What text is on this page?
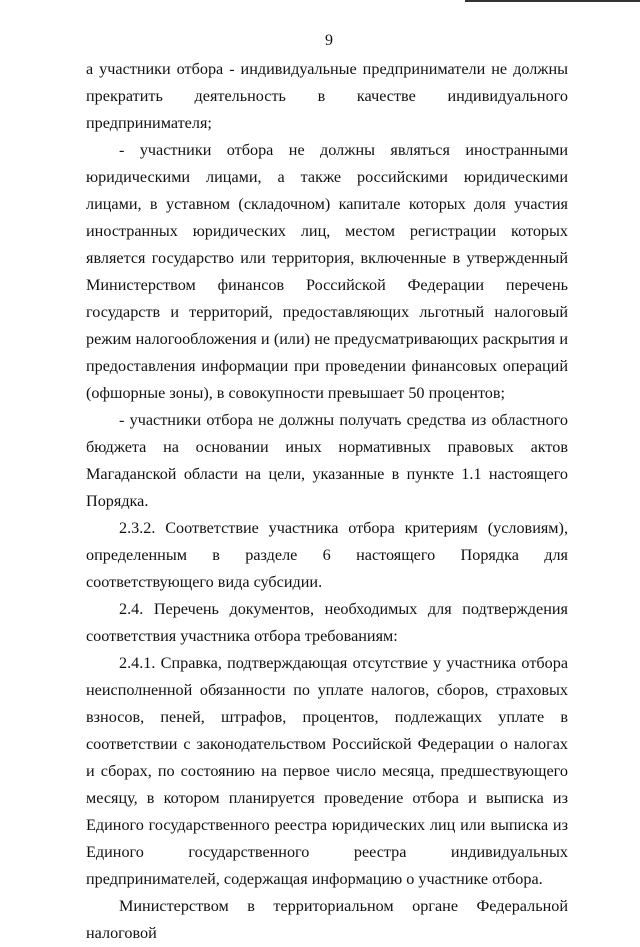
9

а участники отбора - индивидуальные предприниматели не должны прекратить деятельность в качестве индивидуального предпринимателя;

- участники отбора не должны являться иностранными юридическими лицами, а также российскими юридическими лицами, в уставном (складочном) капитале которых доля участия иностранных юридических лиц, местом регистрации которых является государство или территория, включенные в утвержденный Министерством финансов Российской Федерации перечень государств и территорий, предоставляющих льготный налоговый режим налогообложения и (или) не предусматривающих раскрытия и предоставления информации при проведении финансовых операций (офшорные зоны), в совокупности превышает 50 процентов;

- участники отбора не должны получать средства из областного бюджета на основании иных нормативных правовых актов Магаданской области на цели, указанные в пункте 1.1 настоящего Порядка.

2.3.2. Соответствие участника отбора критериям (условиям), определенным в разделе 6 настоящего Порядка для соответствующего вида субсидии.

2.4. Перечень документов, необходимых для подтверждения соответствия участника отбора требованиям:

2.4.1. Справка, подтверждающая отсутствие у участника отбора неисполненной обязанности по уплате налогов, сборов, страховых взносов, пеней, штрафов, процентов, подлежащих уплате в соответствии с законодательством Российской Федерации о налогах и сборах, по состоянию на первое число месяца, предшествующего месяцу, в котором планируется проведение отбора и выписка из Единого государственного реестра юридических лиц или выписка из Единого государственного реестра индивидуальных предпринимателей, содержащая информацию о участнике отбора.

Министерством в территориальном органе Федеральной налоговой
